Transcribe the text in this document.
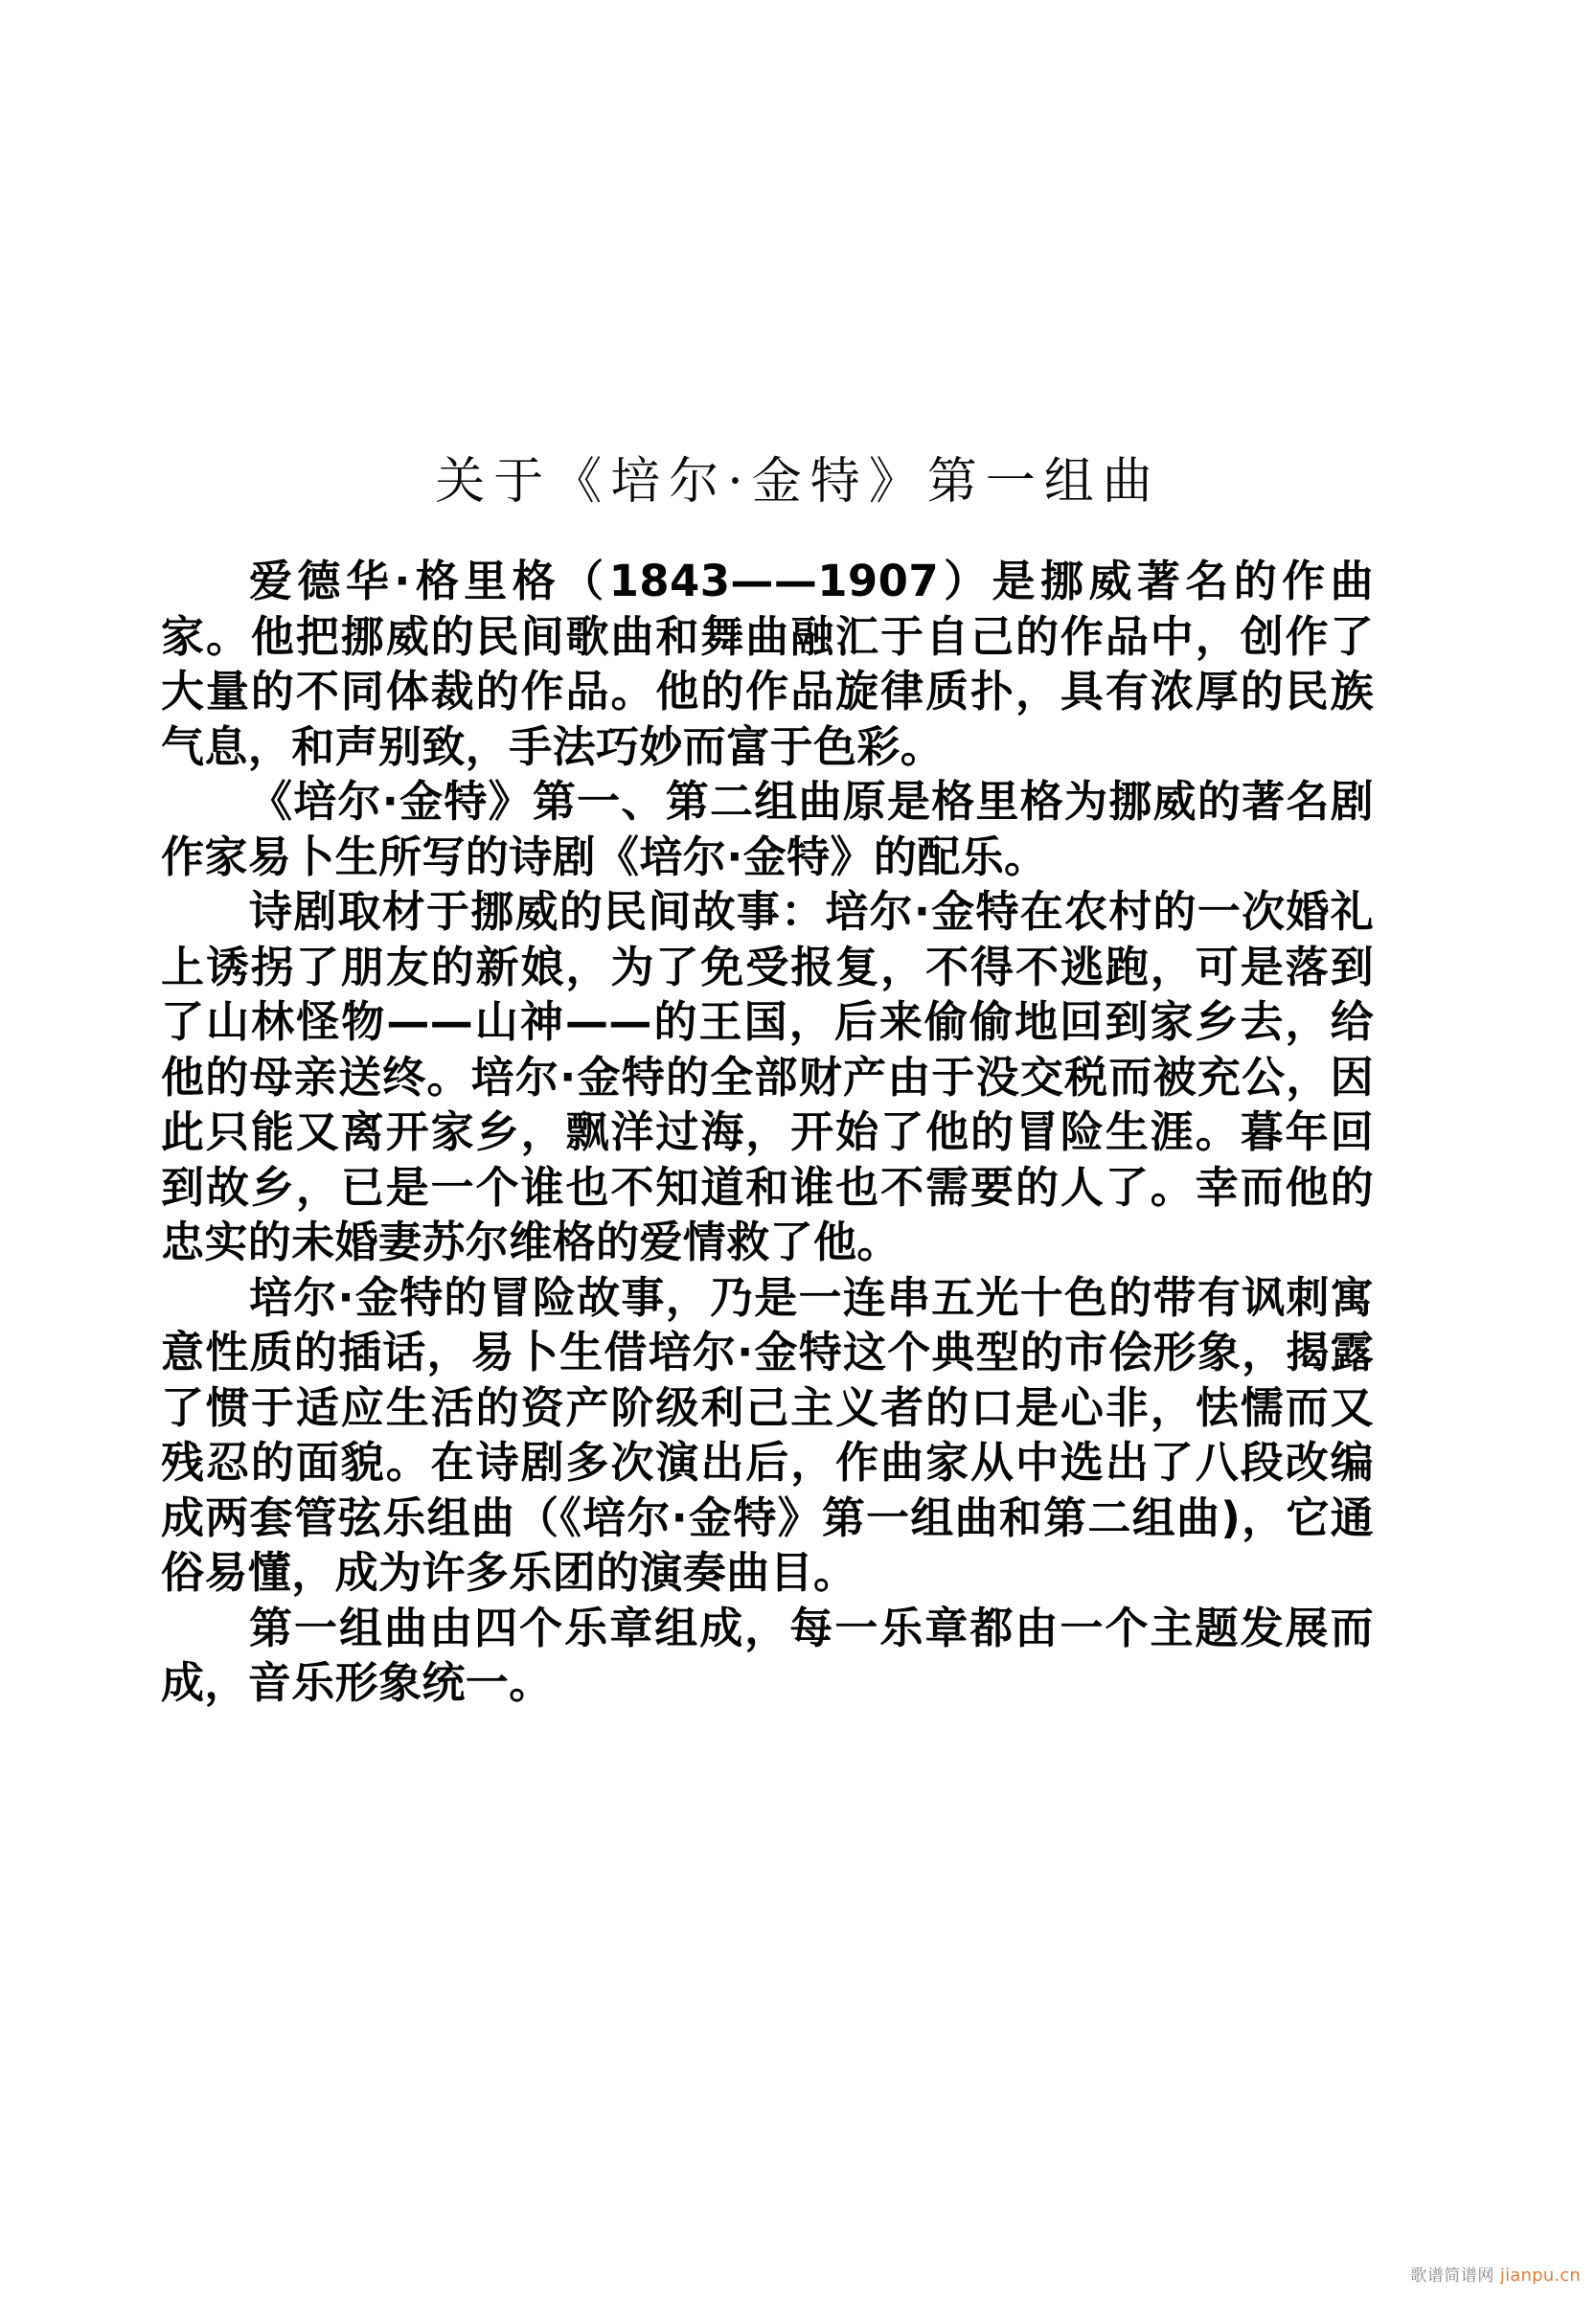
关于《培尔·金特》第一组曲

爱德华·格里格（1843——1907）是挪威著名的作曲家。他把挪威的民间歌曲和舞曲融汇于自己的作品中，创作了大量的不同体裁的作品。他的作品旋律质扑，具有浓厚的民族气息，和声别致，手法巧妙而富于色彩。

《培尔·金特》第一、第二组曲原是格里格为挪威的著名剧作家易卜生所写的诗剧《培尔·金特》的配乐。

诗剧取材于挪威的民间故事：培尔·金特在农村的一次婚礼上诱拐了朋友的新娘，为了免受报复，不得不逃跑，可是落到了山林怪物——山神——的王国，后来偷偷地回到家乡去，给他的母亲送终。培尔·金特的全部财产由于没交税而被充公，因此只能又离开家乡，飘洋过海，开始了他的冒险生涯。暮年回到故乡，已是一个谁也不知道和谁也不需要的人了。幸而他的忠实的未婚妻苏尔维格的爱情救了他。

培尔·金特的冒险故事，乃是一连串五光十色的带有讽刺寓意性质的插话，易卜生借培尔·金特这个典型的市侩形象，揭露了惯于适应生活的资产阶级利己主义者的口是心非，怯懦而又残忍的面貌。在诗剧多次演出后，作曲家从中选出了八段改编成两套管弦乐组曲（《培尔·金特》第一组曲和第二组曲)，它通俗易懂，成为许多乐团的演奏曲目。

第一组曲由四个乐章组成，每一乐章都由一个主题发展而成，音乐形象统一。

歌谱简谱网 jianpu.cn
